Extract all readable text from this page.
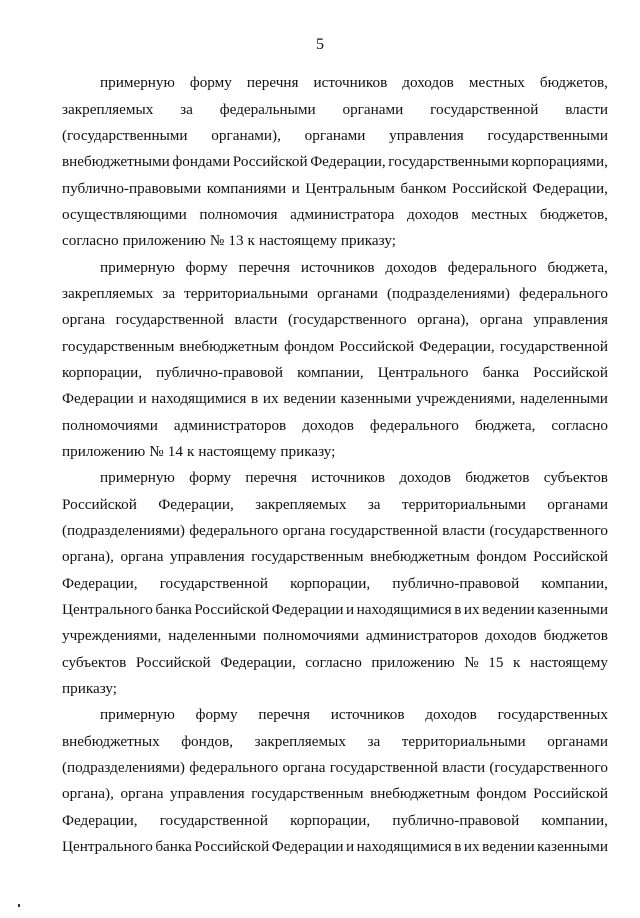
5
примерную форму перечня источников доходов местных бюджетов,
закрепляемых за федеральными органами государственной власти
(государственными органами), органами управления государственными
внебюджетными фондами Российской Федерации, государственными корпорациями,
публично-правовыми компаниями и Центральным банком Российской Федерации,
осуществляющими полномочия администратора доходов местных бюджетов,
согласно приложению № 13 к настоящему приказу;
примерную форму перечня источников доходов федерального бюджета,
закрепляемых за территориальными органами (подразделениями) федерального
органа государственной власти (государственного органа), органа управления
государственным внебюджетным фондом Российской Федерации, государственной
корпорации, публично-правовой компании, Центрального банка Российской
Федерации и находящимися в их ведении казенными учреждениями, наделенными
полномочиями администраторов доходов федерального бюджета, согласно
приложению № 14 к настоящему приказу;
примерную форму перечня источников доходов бюджетов субъектов
Российской Федерации, закрепляемых за территориальными органами
(подразделениями) федерального органа государственной власти (государственного
органа), органа управления государственным внебюджетным фондом Российской
Федерации, государственной корпорации, публично-правовой компании,
Центрального банка Российской Федерации и находящимися в их ведении казенными
учреждениями, наделенными полномочиями администраторов доходов бюджетов
субъектов Российской Федерации, согласно приложению № 15 к настоящему
приказу;
примерную форму перечня источников доходов государственных
внебюджетных фондов, закрепляемых за территориальными органами
(подразделениями) федерального органа государственной власти (государственного
органа), органа управления государственным внебюджетным фондом Российской
Федерации, государственной корпорации, публично-правовой компании,
Центрального банка Российской Федерации и находящимися в их ведении казенными
